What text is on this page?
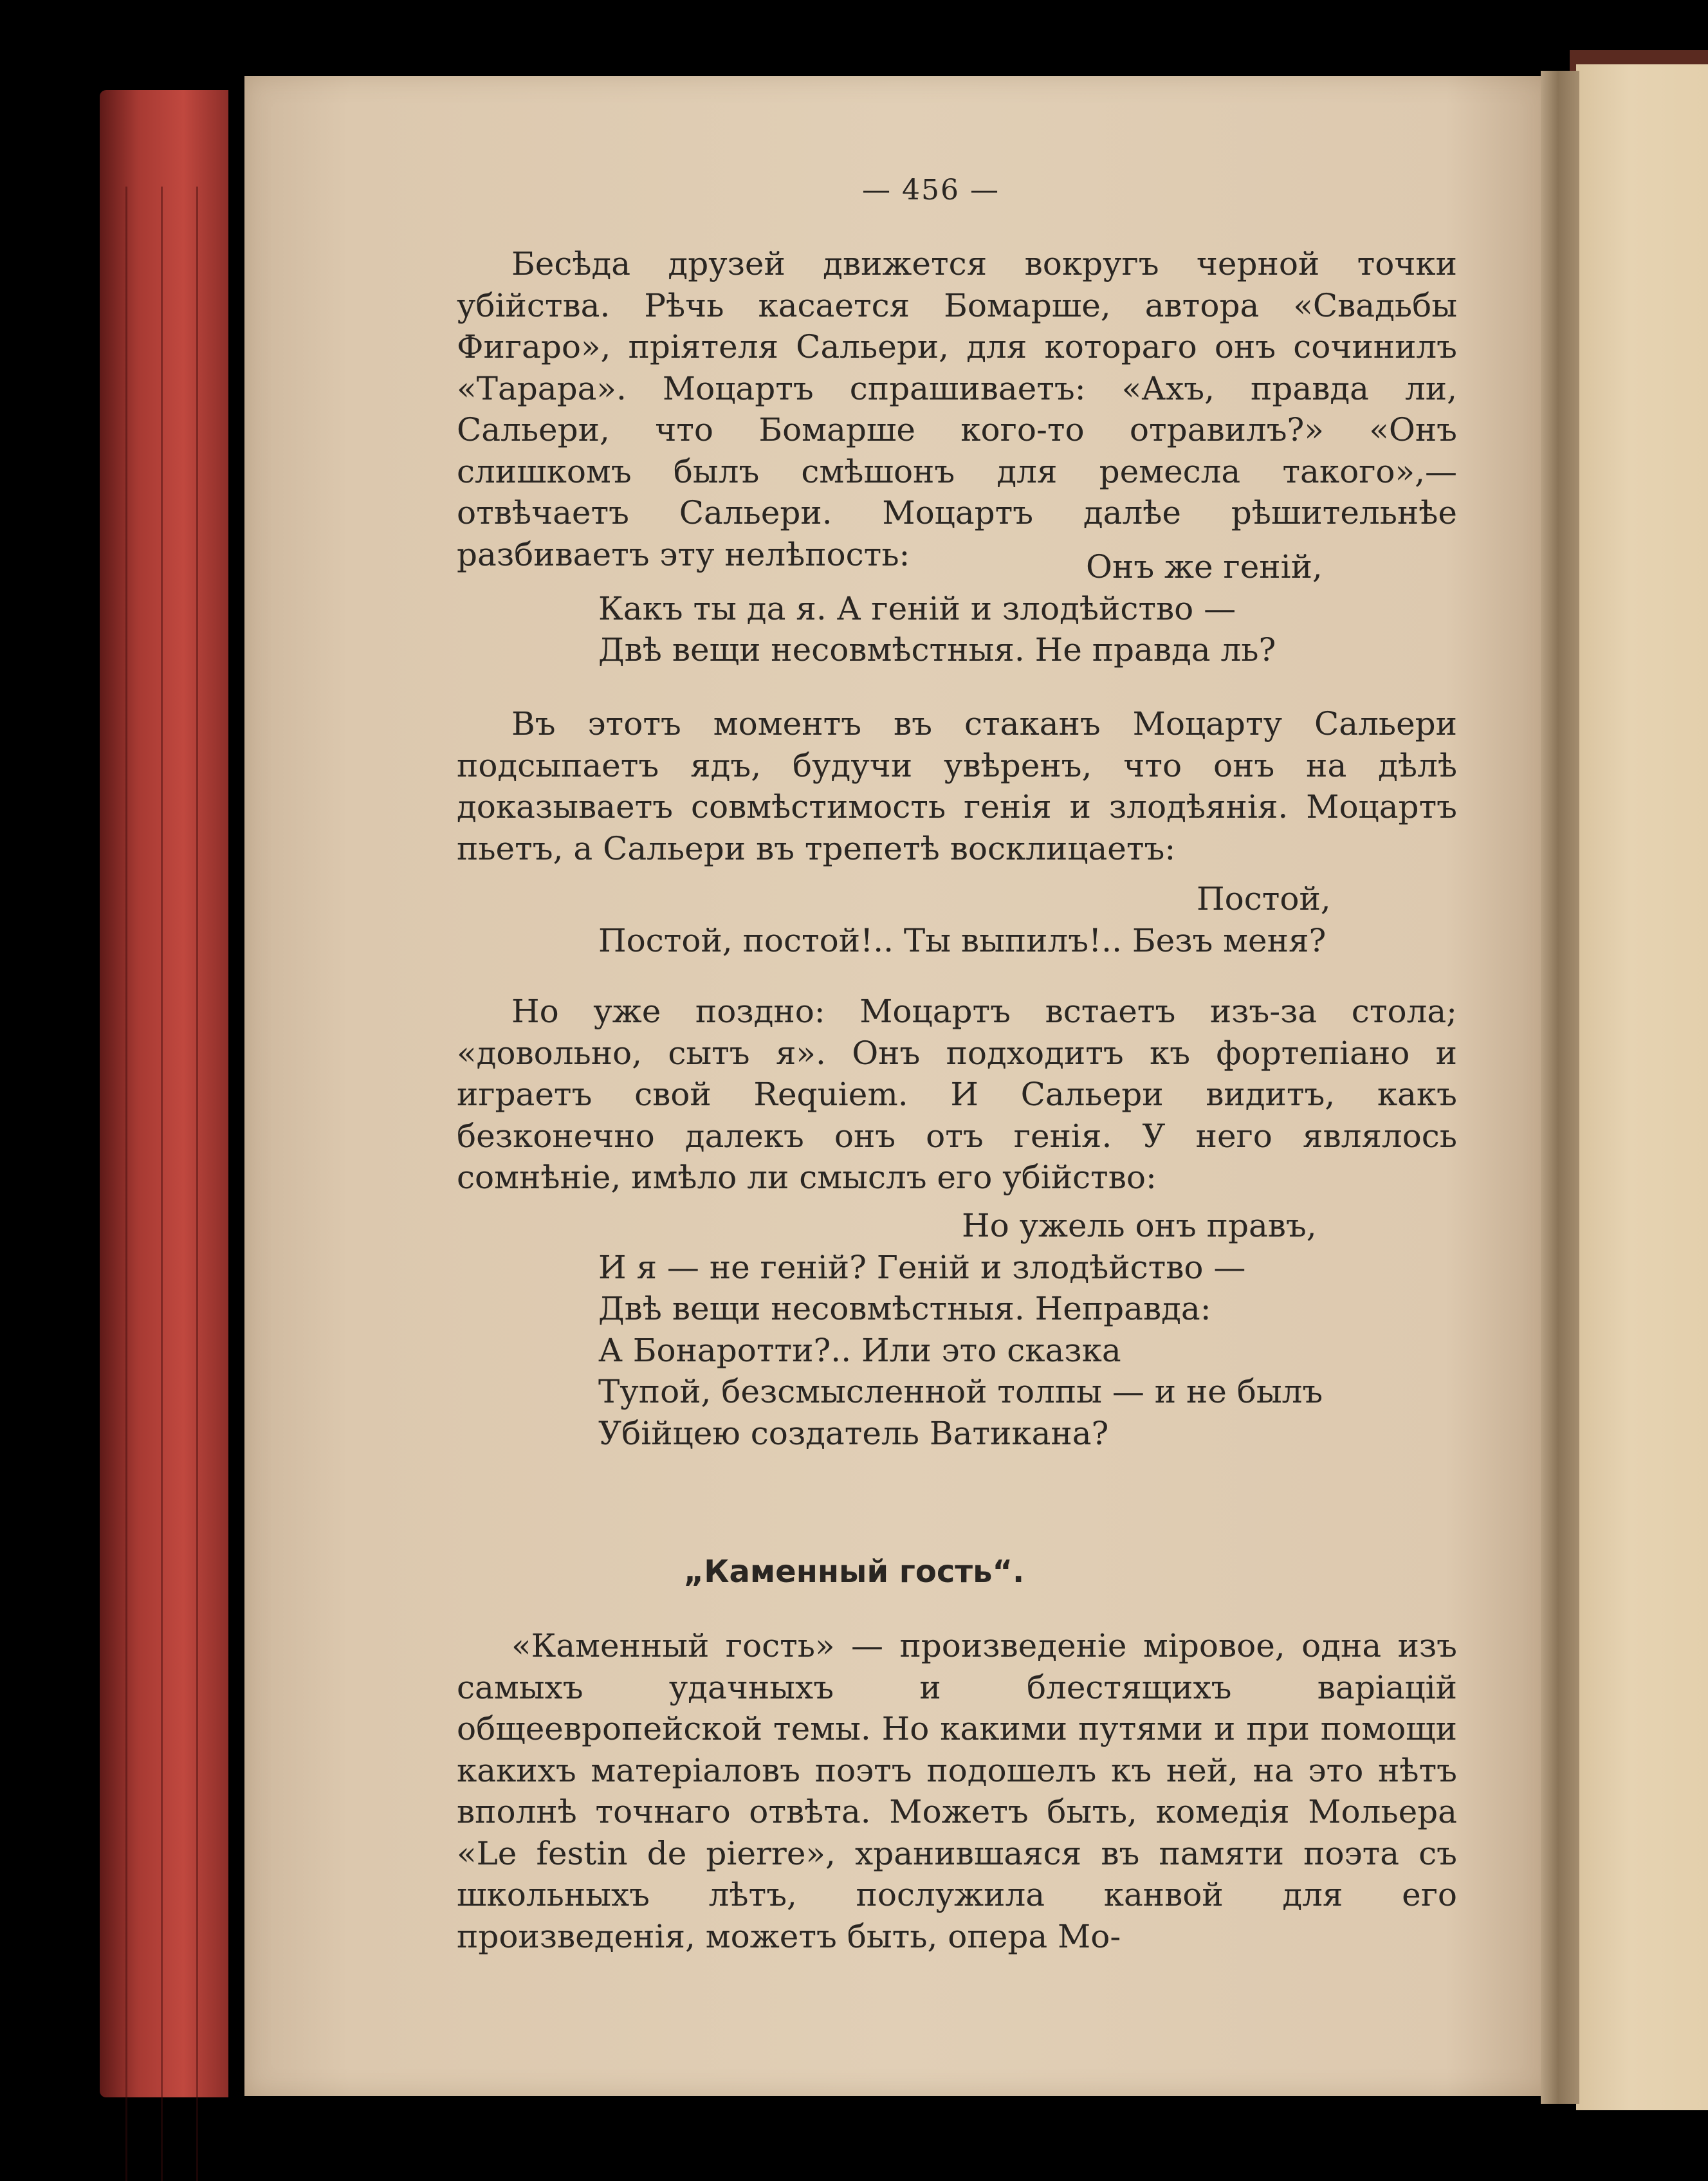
— 456 —

Бесѣда друзей движется вокругъ черной точки убійства. Рѣчь касается Бомарше, автора «Свадьбы Фигаро», пріятеля Сальери, для котораго онъ сочинилъ «Тарара». Моцартъ спрашиваетъ: «Ахъ, правда ли, Сальери, что Бомарше кого-то отравилъ?» «Онъ слишкомъ былъ смѣшонъ для ремесла такого»,—отвѣчаетъ Сальери. Моцартъ далѣе рѣшительнѣе разбиваетъ эту нелѣпость:	Онъ же геній,
Какъ ты да я. А геній и злодѣйство —
Двѣ вещи несовмѣстныя. Не правда ль?

Въ этотъ моментъ въ стаканъ Моцарту Сальери подсыпаетъ ядъ, будучи увѣренъ, что онъ на дѣлѣ доказываетъ совмѣстимость генія и злодѣянія. Моцартъ пьетъ, а Сальери въ трепетѣ восклицаетъ:

Постой,
Постой, постой!.. Ты выпилъ!.. Безъ меня?

Но уже поздно: Моцартъ встаетъ изъ-за стола; «довольно, сытъ я». Онъ подходитъ къ фортепіано и играетъ свой Requiem. И Сальери видитъ, какъ безконечно далекъ онъ отъ генія. У него являлось сомнѣніе, имѣло ли смыслъ его убійство:

Но ужель онъ правъ,
И я — не геній? Геній и злодѣйство —
Двѣ вещи несовмѣстныя. Неправда:
А Бонаротти?.. Или это сказка
Тупой, безсмысленной толпы — и не былъ
Убійцею создатель Ватикана?
„Каменный гость“.

«Каменный гость» — произведеніе міровое, одна изъ самыхъ удачныхъ и блестящихъ варіацій общеевропейской темы. Но какими путями и при помощи какихъ матеріаловъ поэтъ подошелъ къ ней, на это нѣтъ вполнѣ точнаго отвѣта. Можетъ быть, комедія Мольера «Le festin de pierre», хранившаяся въ памяти поэта съ школьныхъ лѣтъ, послужила канвой для его произведенія, можетъ быть, опера Мо-
